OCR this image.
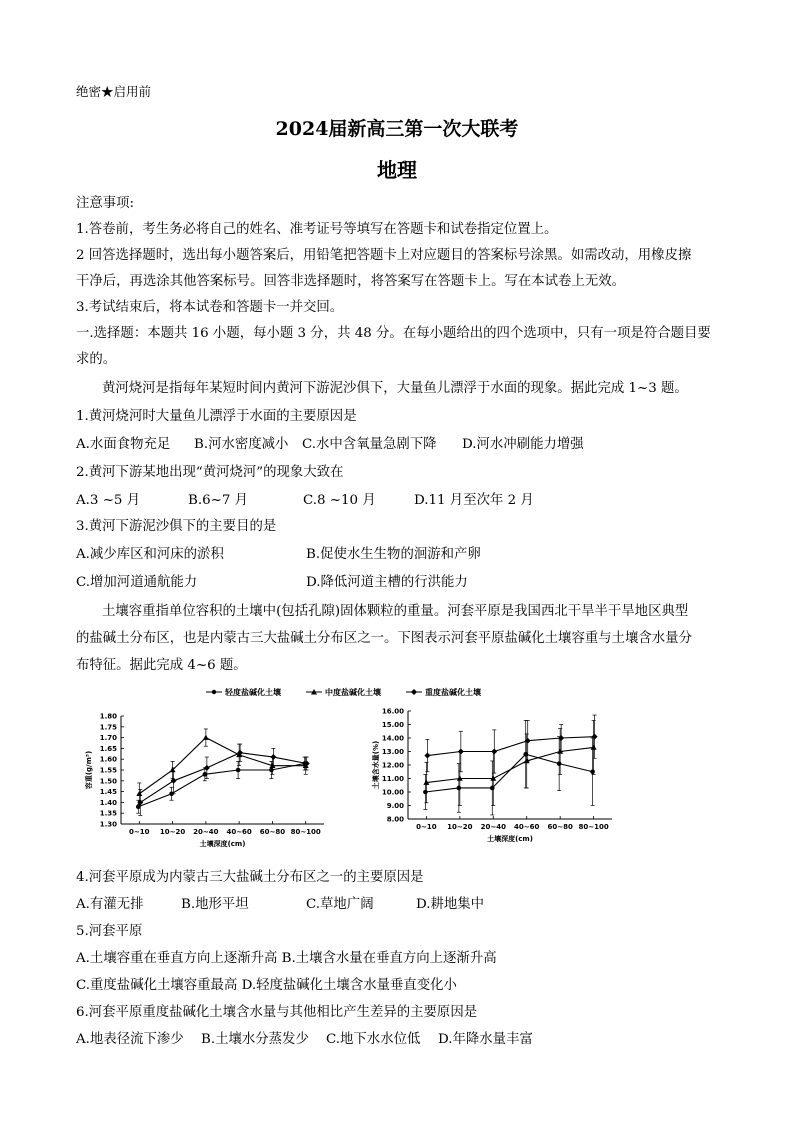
绝密★启用前
2024届新高三第一次大联考
地理
注意事项:
1.答卷前，考生务必将自己的姓名、准考证号等填写在答题卡和试卷指定位置上。
2 回答选择题时，选出每小题答案后，用铅笔把答题卡上对应题目的答案标号涂黑。如需改动，用橡皮擦
干净后，再选涂其他答案标号。回答非选择题时，将答案写在答题卡上。写在本试卷上无效。
3.考试结束后，将本试卷和答题卡一并交回。
一.选择题：本题共 16 小题，每小题 3 分，共 48 分。在每小题给出的四个选项中，只有一项是符合题目要
求的。
黄河烧河是指每年某短时间内黄河下游泥沙俱下，大量鱼儿漂浮于水面的现象。据此完成 1~3 题。
1.黄河烧河时大量鱼儿漂浮于水面的主要原因是
A.水面食物充足 B.河水密度减小 C.水中含氧量急剧下降 D.河水冲刷能力增强
2.黄河下游某地出现“黄河烧河”的现象大致在
A.3 ~5 月	B.6~7 月	C.8 ~10 月	D.11 月至次年 2 月
3.黄河下游泥沙俱下的主要目的是
A.减少库区和河床的淤积	B.促使水生生物的洄游和产卵
C.增加河道通航能力	D.降低河道主槽的行洪能力
土壤容重指单位容积的土壤中(包括孔隙)固体颗粒的重量。河套平原是我国西北干旱半干旱地区典型
的盐碱土分布区，也是内蒙古三大盐碱土分布区之一。下图表示河套平原盐碱化土壤容重与土壤含水量分
布特征。据此完成 4~6 题。
轻度盐碱化土壤	中度盐碱化土壤	重度盐碱化土壤
1.30
1.35
1.40
1.45
1.50
1.55
1.60
1.65
1.70
1.75
1.80
0~10 10~20 20~40 40~60 60~80 80~100
土壤深度(cm)
容重(g/m³)
8.00
9.00
10.00
11.00
12.00
13.00
14.00
15.00
16.00
0~10 10~20 20~40 40~60 60~80 80~100
土壤深度(cm)
土壤含水量(%)
4.河套平原成为内蒙古三大盐碱土分布区之一的主要原因是
A.有灌无排	B.地形平坦	C.草地广阔	D.耕地集中
5.河套平原
A.土壤容重在垂直方向上逐渐升高 B.土壤含水量在垂直方向上逐渐升高
C.重度盐碱化土壤容重最高 D.轻度盐碱化土壤含水量垂直变化小
6.河套平原重度盐碱化土壤含水量与其他相比产生差异的主要原因是
A.地表径流下渗少 B.土壤水分蒸发少 C.地下水水位低 D.年降水量丰富
